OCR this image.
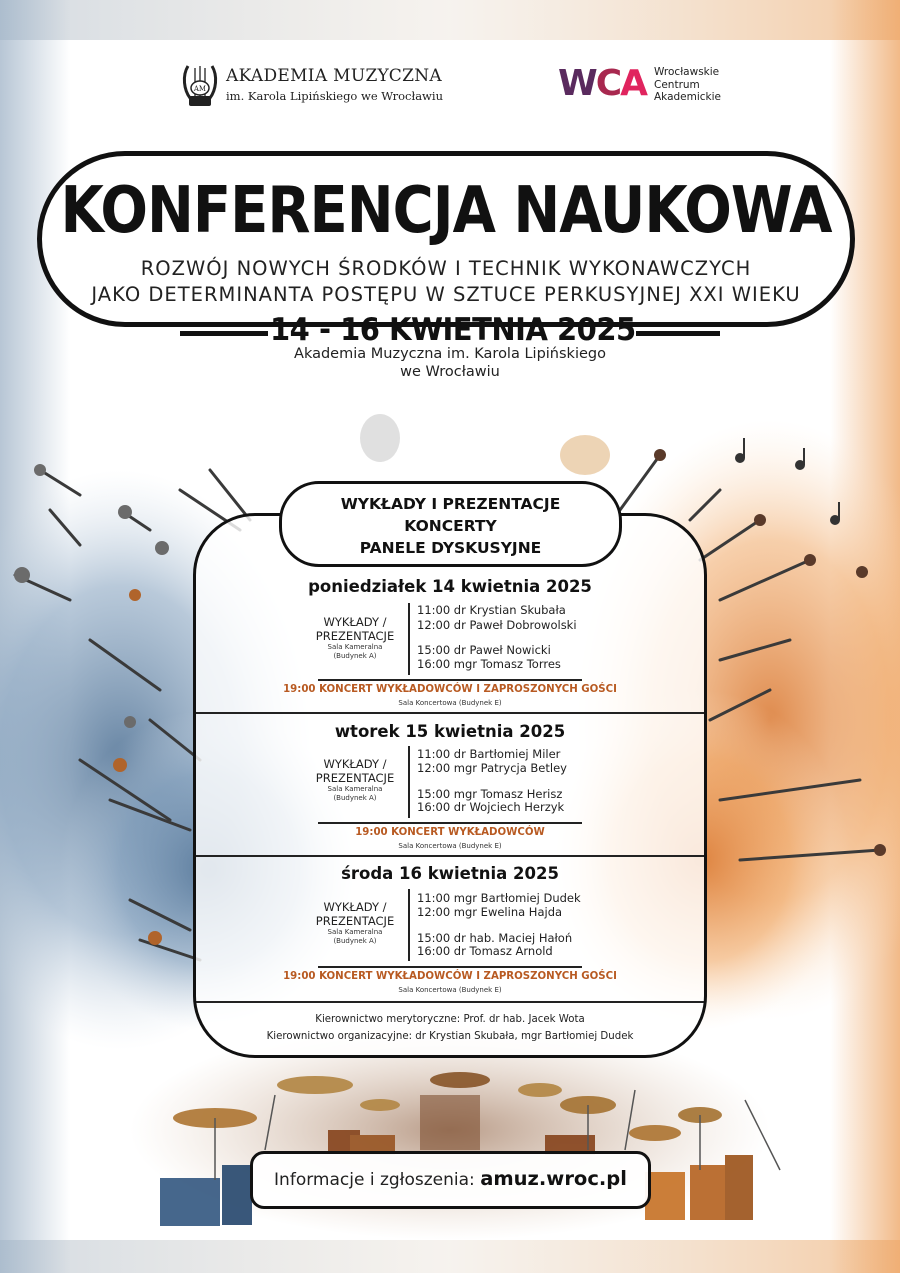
AM
AKADEMIA MUZYCZNA
im. Karola Lipińskiego we Wrocławiu	WCA Wrocławskie
Centrum
Akademickie
KONFERENCJA NAUKOWA
ROZWÓJ NOWYCH ŚRODKÓW I TECHNIK WYKONAWCZYCH
JAKO DETERMINANTA POSTĘPU W SZTUCE PERKUSYJNEJ XXI WIEKU
14 - 16 KWIETNIA 2025
Akademia Muzyczna im. Karola Lipińskiego
we Wrocławiu
WYKŁADY I PREZENTACJE
KONCERTY
PANELE DYSKUSYJNE
poniedziałek 14 kwietnia 2025
WYKŁADY /
PREZENTACJE
Sala Kameralna
(Budynek A)
11:00 dr Krystian Skubała
12:00 dr Paweł Dobrowolski
15:00 dr Paweł Nowicki
16:00 mgr Tomasz Torres
19:00 KONCERT WYKŁADOWCÓW I ZAPROSZONYCH GOŚCI
Sala Koncertowa (Budynek E)
wtorek 15 kwietnia 2025
WYKŁADY /
PREZENTACJE
Sala Kameralna
(Budynek A)
11:00 dr Bartłomiej Miler
12:00 mgr Patrycja Betley
15:00 mgr Tomasz Herisz
16:00 dr Wojciech Herzyk
19:00 KONCERT WYKŁADOWCÓW
Sala Koncertowa (Budynek E)
środa 16 kwietnia 2025
WYKŁADY /
PREZENTACJE
Sala Kameralna
(Budynek A)
11:00 mgr Bartłomiej Dudek
12:00 mgr Ewelina Hajda
15:00 dr hab. Maciej Hałoń
16:00 dr Tomasz Arnold
19:00 KONCERT WYKŁADOWCÓW I ZAPROSZONYCH GOŚCI
Sala Koncertowa (Budynek E)
Kierownictwo merytoryczne: Prof. dr hab. Jacek Wota
Kierownictwo organizacyjne: dr Krystian Skubała, mgr Bartłomiej Dudek
Informacje i zgłoszenia: amuz.wroc.pl
